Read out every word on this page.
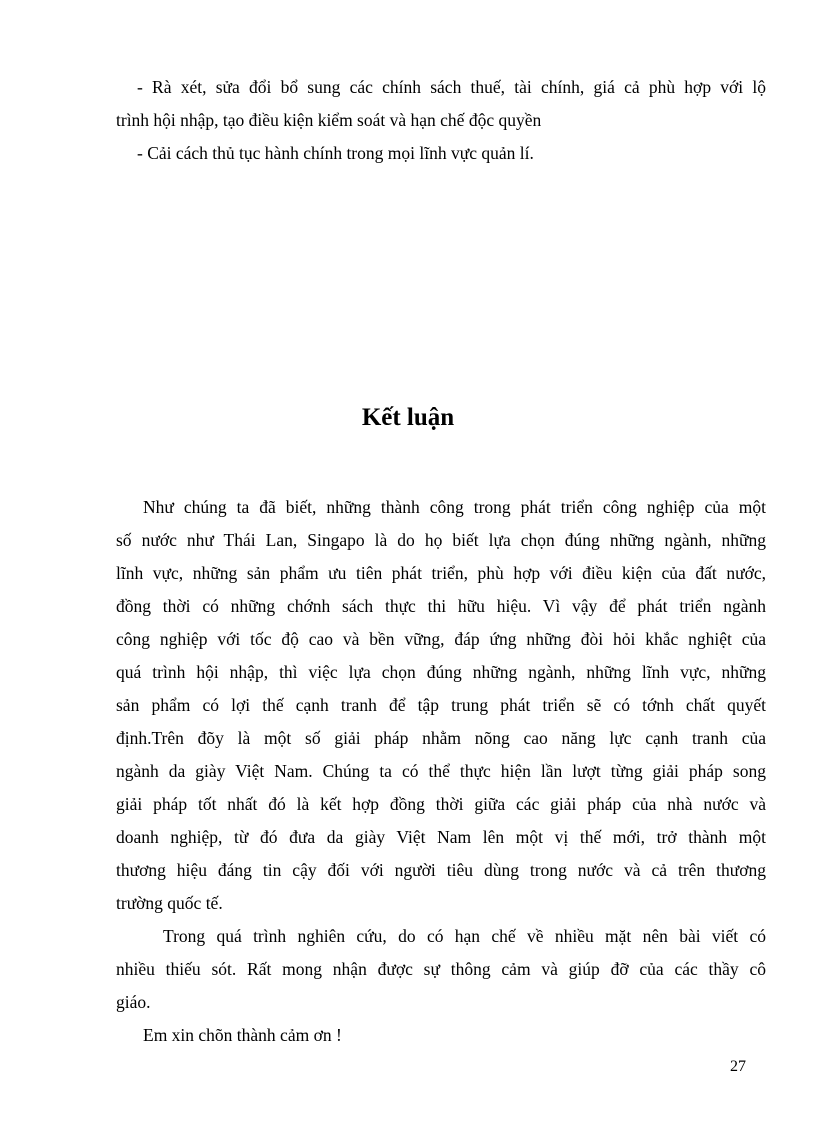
- Rà xét, sửa đổi bổ sung các chính sách thuế, tài chính, giá cả phù hợp với lộ
trình hội nhập, tạo điều kiện kiểm soát và hạn chế độc quyền
- Cải cách thủ tục hành chính trong mọi lĩnh vực quản lí.
Kết luận
Như chúng ta đã biết, những thành công trong phát triển công nghiệp của một
số nước như Thái Lan, Singapo là do họ biết lựa chọn đúng những ngành, những
lĩnh vực, những sản phẩm ưu tiên phát triển, phù hợp với điều kiện của đất nước,
đồng thời có những chớnh sách thực thi hữu hiệu. Vì vậy để phát triển ngành
công nghiệp với tốc độ cao và bền vững, đáp ứng những đòi hỏi khắc nghiệt của
quá trình hội nhập, thì việc lựa chọn đúng những ngành, những lĩnh vực, những
sản phẩm có lợi thế cạnh tranh để tập trung phát triển sẽ có tớnh chất quyết
định.Trên đõy là một số giải pháp nhằm nõng cao năng lực cạnh tranh của
ngành da giày Việt Nam. Chúng ta có thể thực hiện lần lượt từng giải pháp song
giải pháp tốt nhất đó là kết hợp đồng thời giữa các giải pháp của nhà nước và
doanh nghiệp, từ đó đưa da giày Việt Nam lên một vị thế mới, trở thành một
thương hiệu đáng tin cậy đối với người tiêu dùng trong nước và cả trên thương
trường quốc tế.
Trong quá trình nghiên cứu, do có hạn chế về nhiều mặt nên bài viết có
nhiều thiếu sót. Rất mong nhận được sự thông cảm và giúp đỡ của các thầy cô
giáo.
Em xin chõn thành cảm ơn !
27
